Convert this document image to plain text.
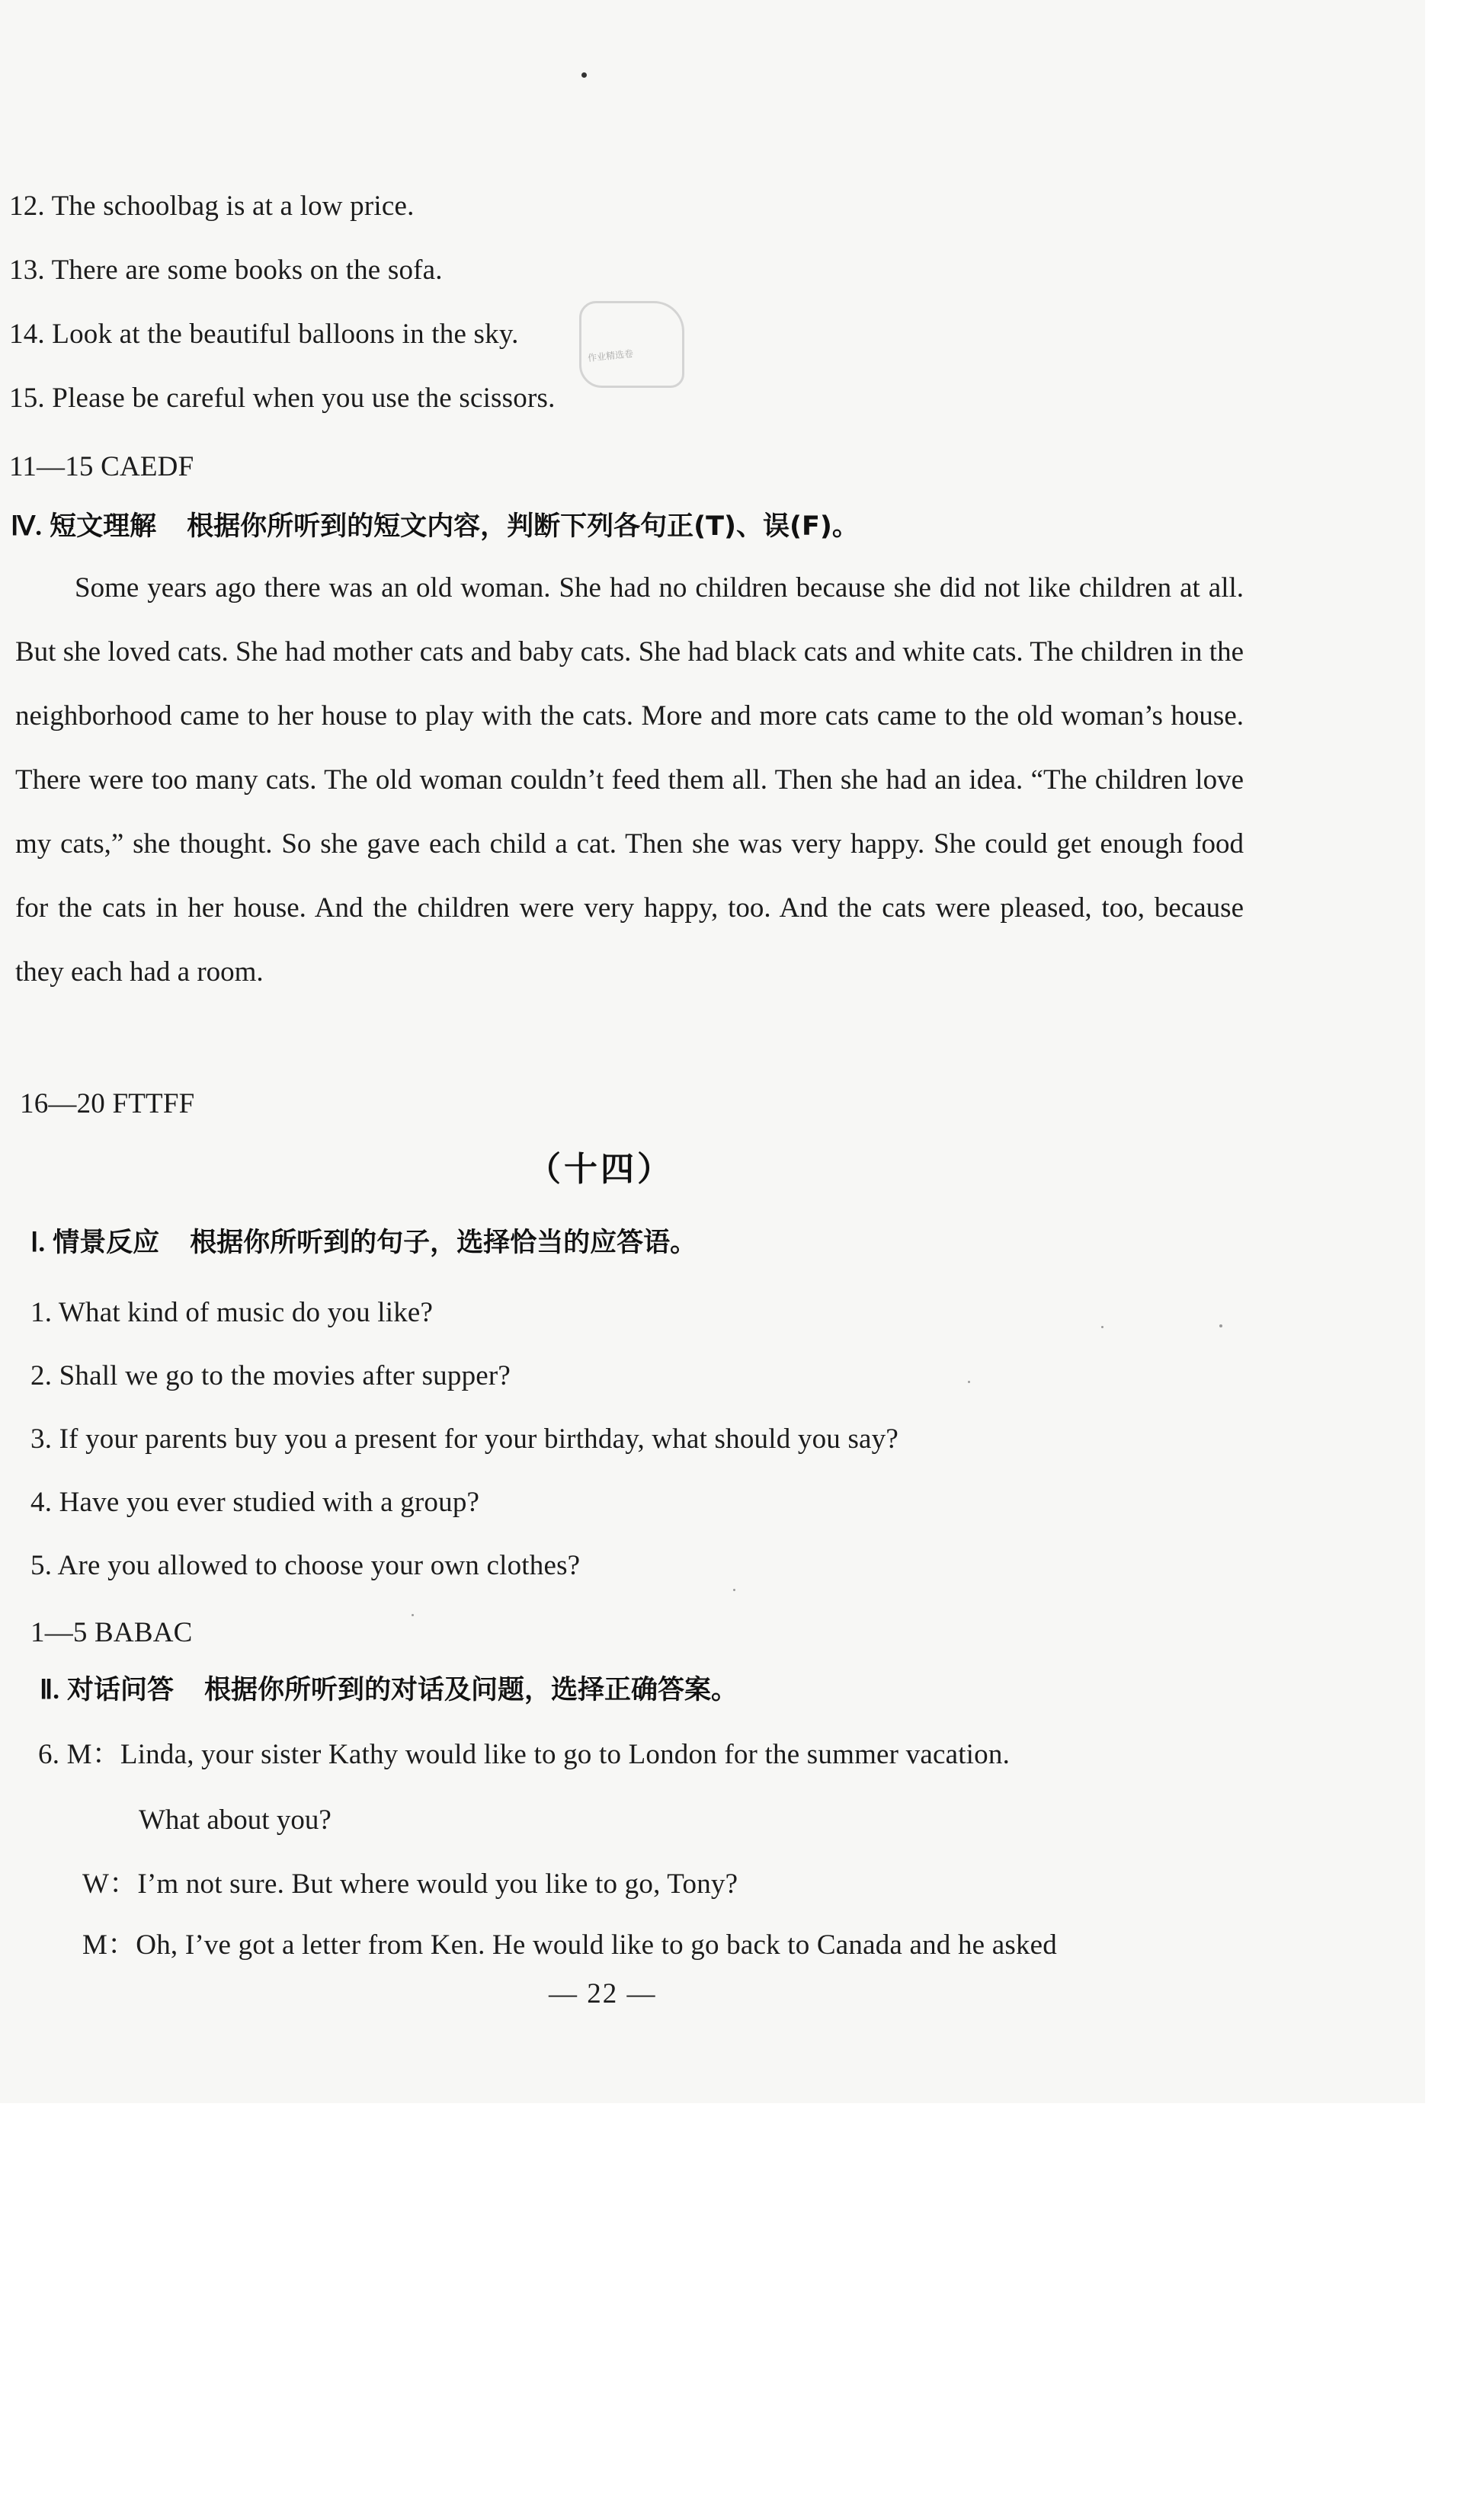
12. The schoolbag is at a low price.
13. There are some books on the sofa.
14. Look at the beautiful balloons in the sky.
15. Please be careful when you use the scissors.
11—15 CAEDF
作业精选卷
Ⅳ. 短文理解 根据你所听到的短文内容，判断下列各句正(T)、误(F)。
Some years ago there was an old woman. She had no children because she did not like children at all. But she loved cats. She had mother cats and baby cats. She had black cats and white cats. The children in the neighborhood came to her house to play with the cats. More and more cats came to the old woman’s house. There were too many cats. The old woman couldn’t feed them all. Then she had an idea. “The children love my cats,” she thought. So she gave each child a cat. Then she was very happy. She could get enough food for the cats in her house. And the children were very happy, too. And the cats were pleased, too, because they each had a room.
16—20 FTTFF
（十四）
Ⅰ. 情景反应 根据你所听到的句子，选择恰当的应答语。
1. What kind of music do you like?
2. Shall we go to the movies after supper?
3. If your parents buy you a present for your birthday, what should you say?
4. Have you ever studied with a group?
5. Are you allowed to choose your own clothes?
1—5 BABAC
Ⅱ. 对话问答 根据你所听到的对话及问题，选择正确答案。
6. M：Linda, your sister Kathy would like to go to London for the summer vacation.
What about you?
W：I’m not sure. But where would you like to go, Tony?
M：Oh, I’ve got a letter from Ken. He would like to go back to Canada and he asked
— 22 —
